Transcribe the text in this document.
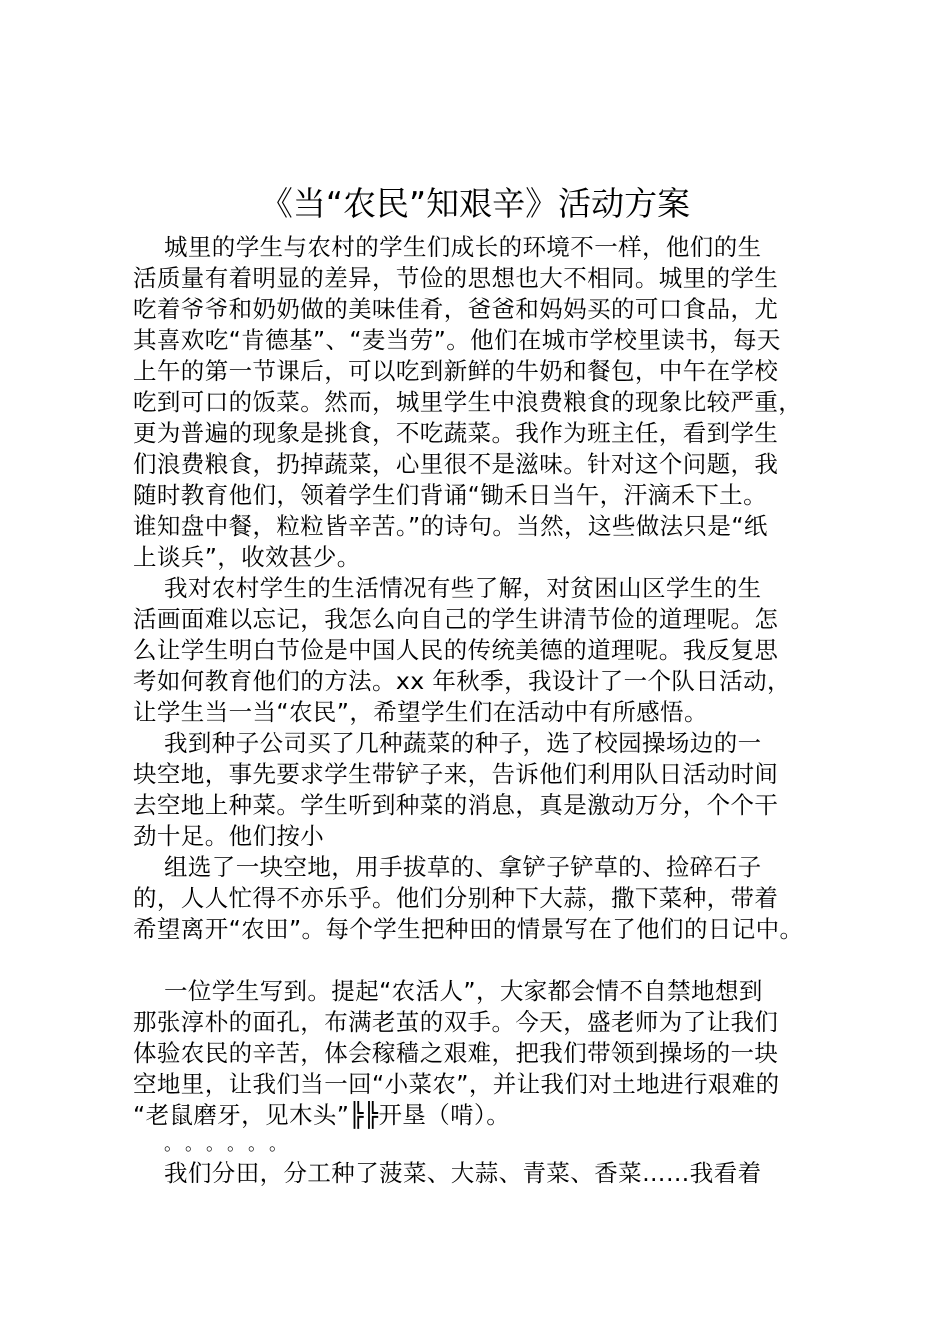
《当“农民”知艰辛》活动方案
城里的学生与农村的学生们成长的环境不一样，他们的生
活质量有着明显的差异，节俭的思想也大不相同。城里的学生
吃着爷爷和奶奶做的美味佳肴，爸爸和妈妈买的可口食品，尤
其喜欢吃“肯德基”、“麦当劳”。他们在城市学校里读书，每天
上午的第一节课后，可以吃到新鲜的牛奶和餐包，中午在学校
吃到可口的饭菜。然而，城里学生中浪费粮食的现象比较严重，
更为普遍的现象是挑食，不吃蔬菜。我作为班主任，看到学生
们浪费粮食，扔掉蔬菜，心里很不是滋味。针对这个问题，我
随时教育他们，领着学生们背诵“锄禾日当午，汗滴禾下土。
谁知盘中餐，粒粒皆辛苦。”的诗句。当然，这些做法只是“纸
上谈兵”，收效甚少。
我对农村学生的生活情况有些了解，对贫困山区学生的生
活画面难以忘记，我怎么向自己的学生讲清节俭的道理呢。怎
么让学生明白节俭是中国人民的传统美德的道理呢。我反复思
考如何教育他们的方法。xx 年秋季，我设计了一个队日活动，
让学生当一当“农民”，希望学生们在活动中有所感悟。
我到种子公司买了几种蔬菜的种子，选了校园操场边的一
块空地，事先要求学生带铲子来，告诉他们利用队日活动时间
去空地上种菜。学生听到种菜的消息，真是激动万分，个个干
劲十足。他们按小
组选了一块空地，用手拔草的、拿铲子铲草的、捡碎石子
的，人人忙得不亦乐乎。他们分别种下大蒜，撒下菜种，带着
希望离开“农田”。每个学生把种田的情景写在了他们的日记中。
一位学生写到。提起“农活人”，大家都会情不自禁地想到
那张淳朴的面孔，布满老茧的双手。今天，盛老师为了让我们
体验农民的辛苦，体会稼穑之艰难，把我们带领到操场的一块
空地里，让我们当一回“小菜农”，并让我们对土地进行艰难的
“老鼠磨牙，见木头”╠╠开垦（啃）。
。。。。。。
我们分田，分工种了菠菜、大蒜、青菜、香菜……我看着
